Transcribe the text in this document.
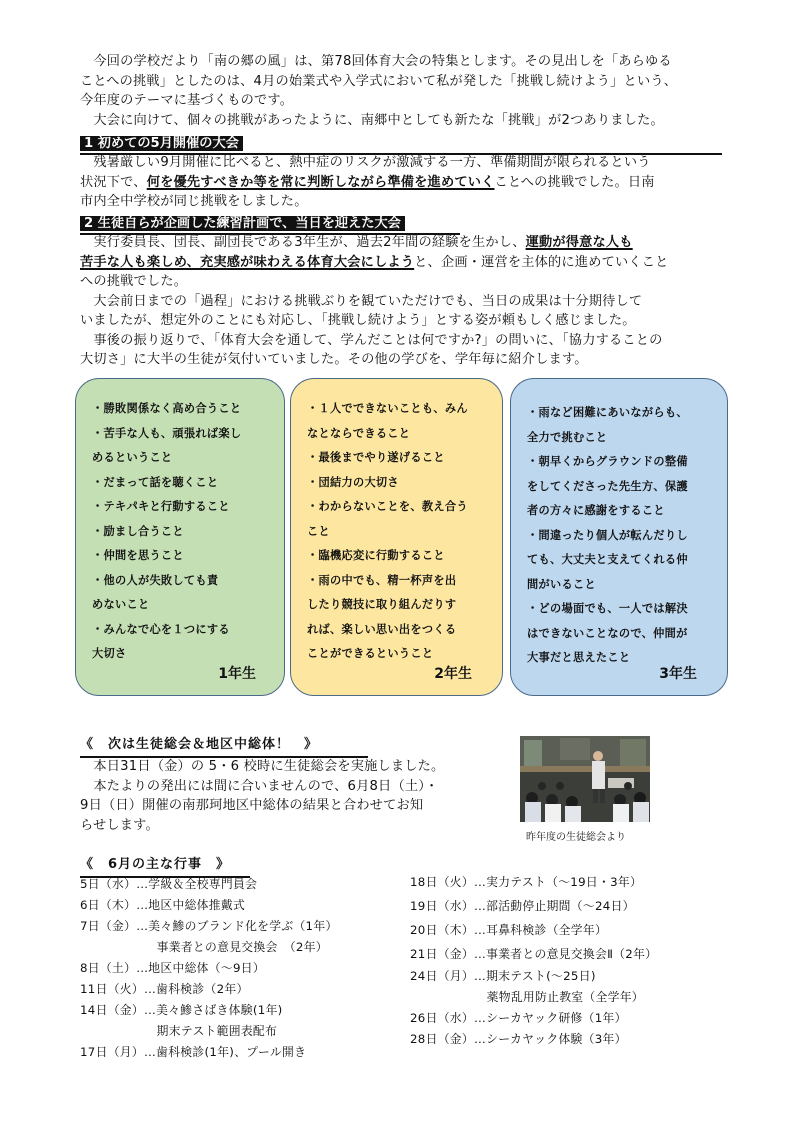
　今回の学校だより「南の郷の風」は、第78回体育大会の特集とします。その見出しを「あらゆる
ことへの挑戦」としたのは、4月の始業式や入学式において私が発した「挑戦し続けよう」という、
今年度のテーマに基づくものです。
　大会に向けて、個々の挑戦があったように、南郷中としても新たな「挑戦」が2つありました。
1 初めての5月開催の大会
　残暑厳しい9月開催に比べると、熱中症のリスクが激減する一方、準備期間が限られるという
状況下で、何を優先すべきか等を常に判断しながら準備を進めていくことへの挑戦でした。日南
市内全中学校が同じ挑戦をしました。
2 生徒自らが企画した練習計画で、当日を迎えた大会
　実行委員長、団長、副団長である3年生が、過去2年間の経験を生かし、運動が得意な人も
苦手な人も楽しめ、充実感が味わえる体育大会にしようと、企画・運営を主体的に進めていくこと
への挑戦でした。
　大会前日までの「過程」における挑戦ぶりを観ていただけでも、当日の成果は十分期待して
いましたが、想定外のことにも対応し、「挑戦し続けよう」とする姿が頼もしく感じました。
　事後の振り返りで、「体育大会を通して、学んだことは何ですか?」の問いに、「協力することの
大切さ」に大半の生徒が気付いていました。その他の学びを、学年毎に紹介します。
・勝敗関係なく高め合うこと
・苦手な人も、頑張れば楽し
めるということ
・だまって話を聴くこと
・テキパキと行動すること
・励まし合うこと
・仲間を思うこと
・他の人が失敗しても責
めないこと
・みんなで心を１つにする
大切さ
1年生
・１人でできないことも、みん
なとならできること
・最後までやり遂げること
・団結力の大切さ
・わからないことを、教え合う
こと
・臨機応変に行動すること
・雨の中でも、精一杯声を出
したり競技に取り組んだりす
れば、楽しい思い出をつくる
ことができるということ
2年生
・雨など困難にあいながらも、
全力で挑むこと
・朝早くからグラウンドの整備
をしてくださった先生方、保護
者の方々に感謝をすること
・間違ったり個人が転んだりし
ても、大丈夫と支えてくれる仲
間がいること
・どの場面でも、一人では解決
はできないことなので、仲間が
大事だと思えたこと
3年生
《　次は生徒総会＆地区中総体！　》
　本日31日（金）の 5・6 校時に生徒総会を実施しました。
　本たよりの発出には間に合いませんので、6月8日（土）・
9日（日）開催の南那珂地区中総体の結果と合わせてお知
らせします。
昨年度の生徒総会より
《　6月の主な行事　》
5日（水）…学級＆全校専門員会
6日（木）…地区中総体推戴式
7日（金）…美々鯵のブランド化を学ぶ（1年）
　　　　　　 事業者との意見交換会　（2年）
8日（土）…地区中総体（～9日）
11日（火）…歯科検診（2年）
14日（金）…美々鯵さばき体験(1年)
　　　　　　 期末テスト範囲表配布
17日（月）…歯科検診(1年)、プール開き
18日（火）…実力テスト（～19日・3年）
19日（水）…部活動停止期間（～24日）
20日（木）…耳鼻科検診（全学年）
21日（金）…事業者との意見交換会Ⅱ（2年）
24日（月）…期末テスト(～25日)
　　　　　　 薬物乱用防止教室（全学年）
26日（水）…シーカヤック研修（1年）
28日（金）…シーカヤック体験（3年）
